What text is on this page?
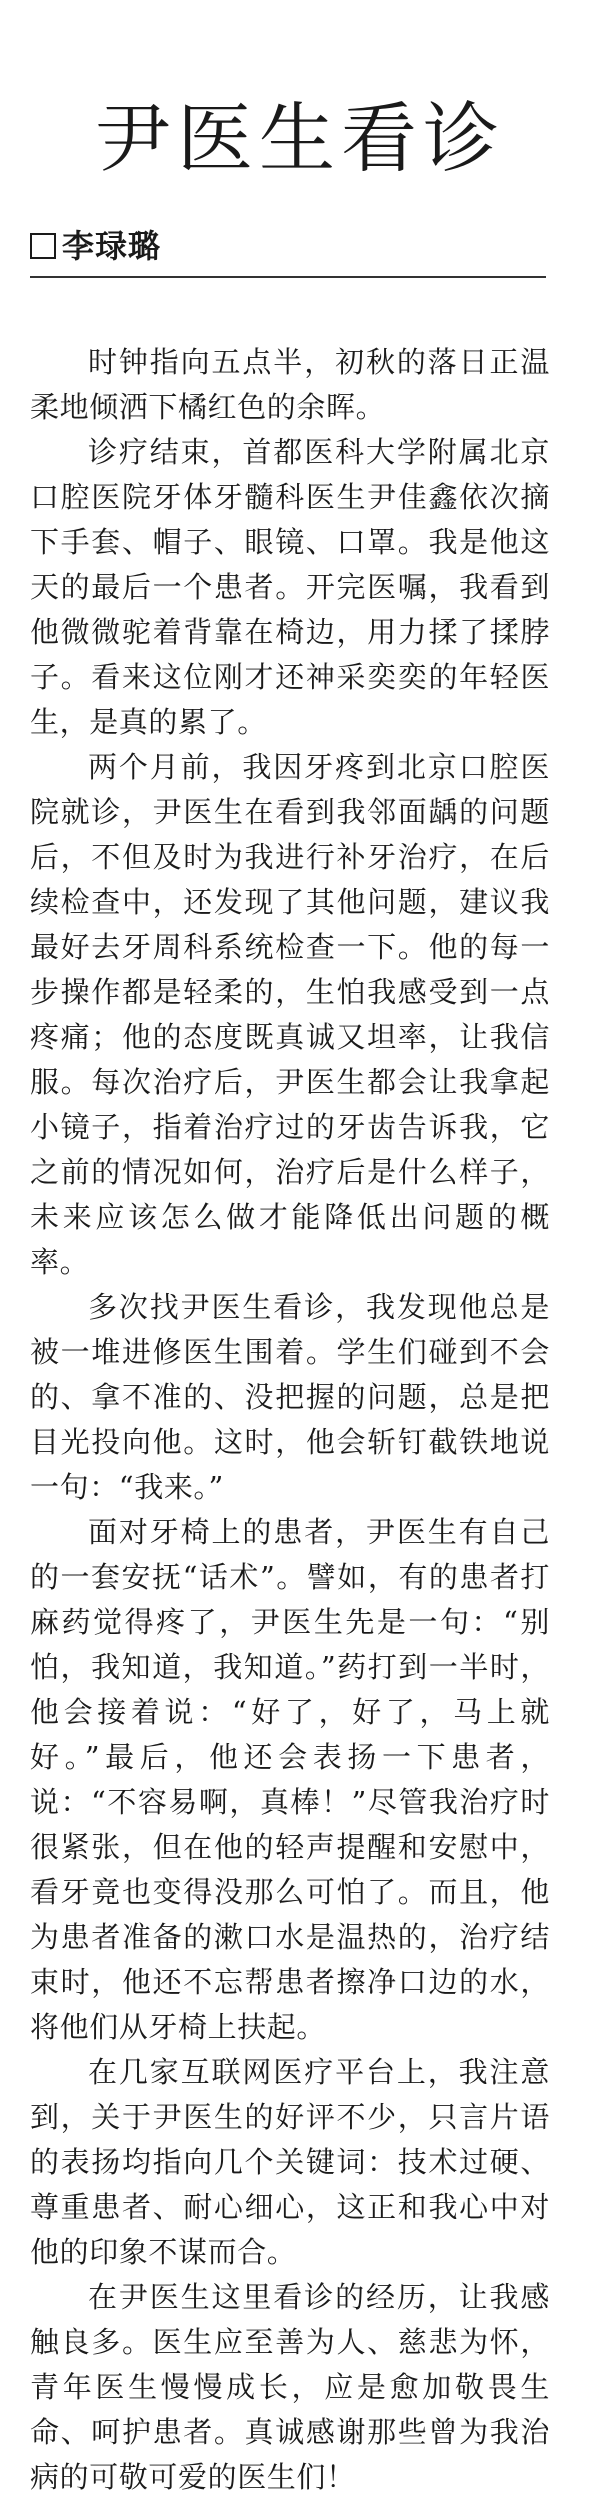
尹医生看诊
李琭璐

时钟指向五点半，初秋的落日正温柔地倾洒下橘红色的余晖。

诊疗结束，首都医科大学附属北京口腔医院牙体牙髓科医生尹佳鑫依次摘下手套、帽子、眼镜、口罩。我是他这天的最后一个患者。开完医嘱，我看到他微微驼着背靠在椅边，用力揉了揉脖子。看来这位刚才还神采奕奕的年轻医生，是真的累了。

两个月前，我因牙疼到北京口腔医院就诊，尹医生在看到我邻面龋的问题后，不但及时为我进行补牙治疗，在后续检查中，还发现了其他问题，建议我最好去牙周科系统检查一下。他的每一步操作都是轻柔的，生怕我感受到一点疼痛；他的态度既真诚又坦率，让我信服。每次治疗后，尹医生都会让我拿起小镜子，指着治疗过的牙齿告诉我，它之前的情况如何，治疗后是什么样子，未来应该怎么做才能降低出问题的概率。

多次找尹医生看诊，我发现他总是被一堆进修医生围着。学生们碰到不会的、拿不准的、没把握的问题，总是把目光投向他。这时，他会斩钉截铁地说一句：“我来。”

面对牙椅上的患者，尹医生有自己的一套安抚“话术”。譬如，有的患者打麻药觉得疼了，尹医生先是一句：“别怕，我知道，我知道。”药打到一半时，他会接着说：“好了，好了，马上就好。”最后，他还会表扬一下患者，说：“不容易啊，真棒！”尽管我治疗时很紧张，但在他的轻声提醒和安慰中，看牙竟也变得没那么可怕了。而且，他为患者准备的漱口水是温热的，治疗结束时，他还不忘帮患者擦净口边的水，将他们从牙椅上扶起。

在几家互联网医疗平台上，我注意到，关于尹医生的好评不少，只言片语的表扬均指向几个关键词：技术过硬、尊重患者、耐心细心，这正和我心中对他的印象不谋而合。

在尹医生这里看诊的经历，让我感触良多。医生应至善为人、慈悲为怀，青年医生慢慢成长，应是愈加敬畏生命、呵护患者。真诚感谢那些曾为我治病的可敬可爱的医生们！
